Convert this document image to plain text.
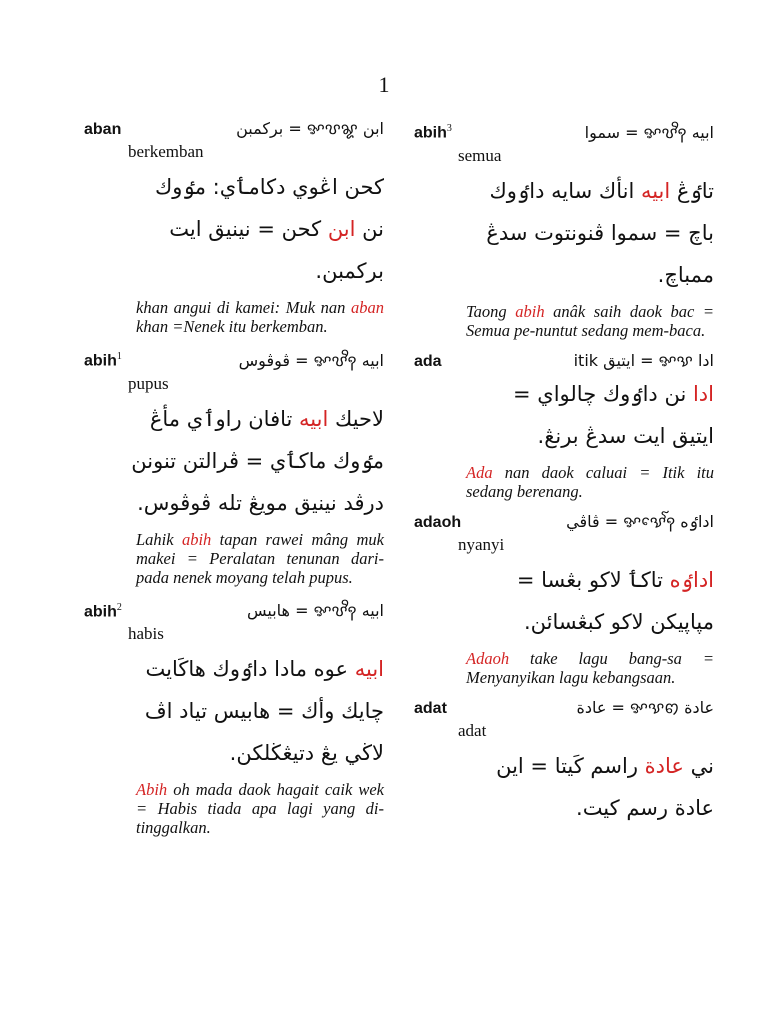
1
aban	ابن ꨀꨝꨘ = بركمبن
berkemban
كحن اڠوي دكامٲي: مٶوك
نن ابن كحن = نينيق ايت
بركمبن.
khan angui di kamei: Muk nan aban khan =Nenek itu berkemban.
abih$^1$	ابيه ꨀꨝꨪꩍ = ڤوڤوس
pupus
لاحيك ابيه تافان راوٲي مأڠ
مٶوك ماكٲي = ڤرالتن تنونن
درڤد نينيق مويڠ تله ڤوڤوس.
Lahik abih tapan rawei mâng muk makei = Peralatan tenunan dari-pada nenek moyang telah pupus.
abih$^2$	ابيه ꨀꨝꨪꩍ = هابيس
habis
ابيه عوه مادا داٶوك هاكَايت
چايك وأك = هابيس تياد اڤ
لاڬي يڠ دتيڠڬلكن.
Abih oh mada daok hagait caik wek = Habis tiada apa lagi yang di-tinggalkan.
abih$^3$	ابيه ꨀꨝꨪꩍ = سموا
semua
تاٶڠ ابيه انأك سايه داٶوك
باچ = سموا ڤنونتوت سدڠ
ممباچ.
Taong abih anâk saih daok bac = Semua pe-nuntut sedang mem-baca.
ada	ادا ꨀꨕ = ايتيق itik
ادا نن داٶوك چالواي =
ايتيق ايت سدڠ برنڠ.
Ada nan daok caluai = Itik itu sedang berenang.
adaoh	اداٶه ꨀꨕꨯꨱꩍ = ڤاڤي
nyanyi
اداٶه تاكٲ لاكو بڠسا =
مڽاڽيكن لاكو كبڠسائن.
Adaoh take lagu bang-sa = Menyanyikan lagu kebangsaan.
adat	عادة ꨀꨕꩅ = عادة
adat
ني عادة راسم كَيتا = اين
عادة رسم كيت.
